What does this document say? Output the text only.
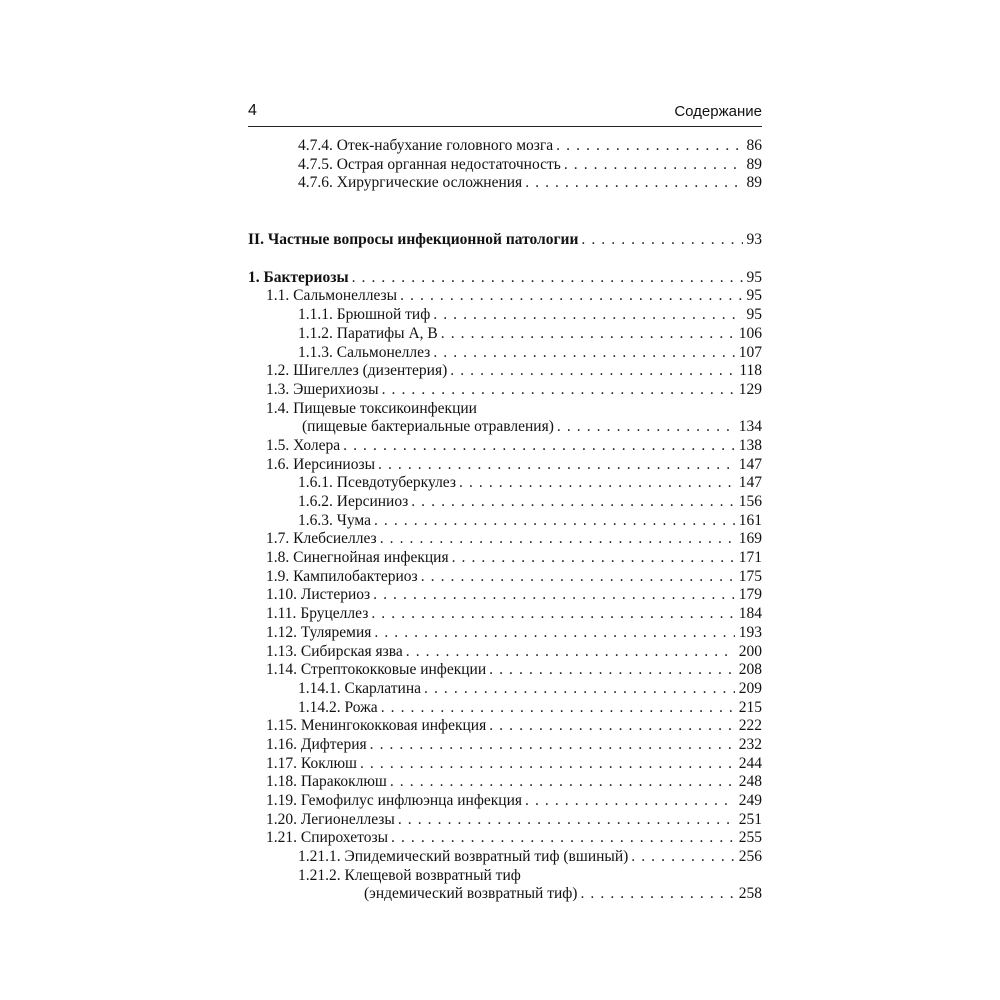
4	Содержание
4.7.4. Отек-набухание головного мозга . . .	86
4.7.5. Острая органная недостаточность . . .	89
4.7.6. Хирургические осложнения . . .	89
II. Частные вопросы инфекционной патологии . . .	93
1. Бактериозы . . .	95
1.1. Сальмонеллезы . . .	95
1.1.1. Брюшной тиф . . .	95
1.1.2. Паратифы А, В . . .	106
1.1.3. Сальмонеллез . . .	107
1.2. Шигеллез (дизентерия) . . .	118
1.3. Эшерихиозы . . .	129
1.4. Пищевые токсикоинфекции
(пищевые бактериальные отравления) . . .	134
1.5. Холера . . .	138
1.6. Иерсиниозы . . .	147
1.6.1. Псевдотуберкулез . . .	147
1.6.2. Иерсиниоз . . .	156
1.6.3. Чума . . .	161
1.7. Клебсиеллез . . .	169
1.8. Синегнойная инфекция . . .	171
1.9. Кампилобактериоз . . .	175
1.10. Листериоз . . .	179
1.11. Бруцеллез . . .	184
1.12. Туляремия . . .	193
1.13. Сибирская язва . . .	200
1.14. Стрептококковые инфекции . . .	208
1.14.1. Скарлатина . . .	209
1.14.2. Рожа . . .	215
1.15. Менингококковая инфекция . . .	222
1.16. Дифтерия . . .	232
1.17. Коклюш . . .	244
1.18. Паракоклюш . . .	248
1.19. Гемофилус инфлюэнца инфекция . . .	249
1.20. Легионеллезы . . .	251
1.21. Спирохетозы . . .	255
1.21.1. Эпидемический возвратный тиф (вшиный) . . .	256
1.21.2. Клещевой возвратный тиф
(эндемический возвратный тиф) . . .	258
